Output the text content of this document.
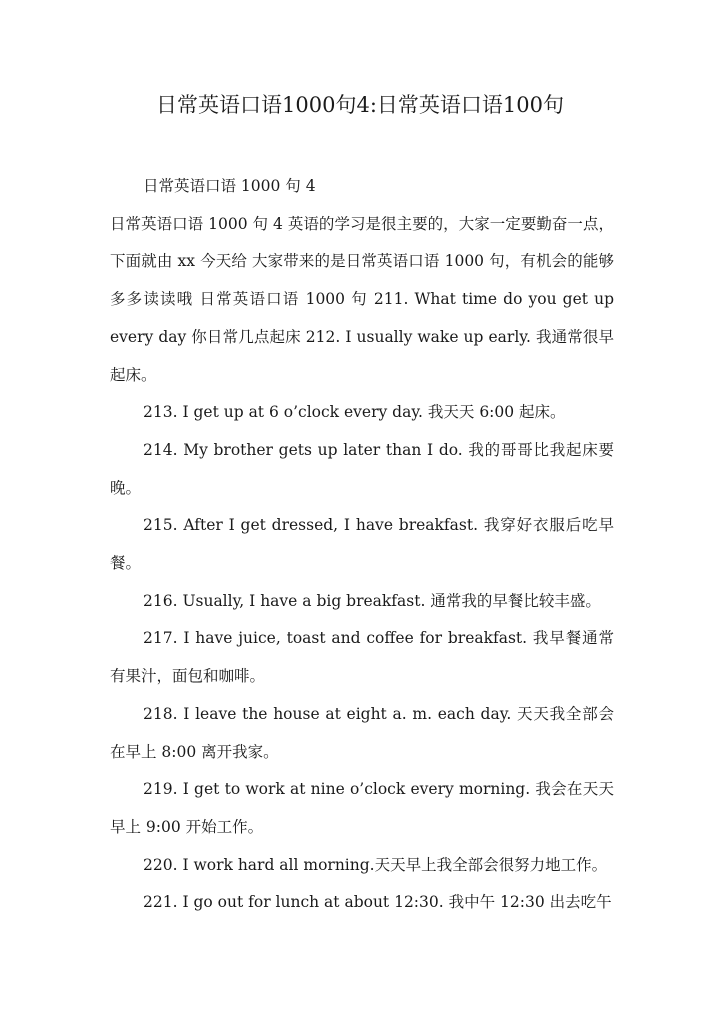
日常英语口语1000句4:日常英语口语100句

日常英语口语 1000 句 4

日常英语口语 1000 句 4 英语的学习是很主要的，大家一定要勤奋一点，下面就由 xx 今天给 大家带来的是日常英语口语 1000 句，有机会的能够多多读读哦 日常英语口语 1000 句 211. What time do you get up every day 你日常几点起床 212. I usually wake up early. 我通常很早起床。

213. I get up at 6 o’clock every day. 我天天 6:00 起床。

214. My brother gets up later than I do. 我的哥哥比我起床要晚。

215. After I get dressed, I have breakfast. 我穿好衣服后吃早餐。

216. Usually, I have a big breakfast. 通常我的早餐比较丰盛。

217. I have juice, toast and coffee for breakfast. 我早餐通常有果汁，面包和咖啡。

218. I leave the house at eight a. m. each day. 天天我全部会在早上 8:00 离开我家。

219. I get to work at nine o’clock every morning. 我会在天天早上 9:00 开始工作。

220. I work hard all morning.天天早上我全部会很努力地工作。

221. I go out for lunch at about 12:30. 我中午 12:30 出去吃午
